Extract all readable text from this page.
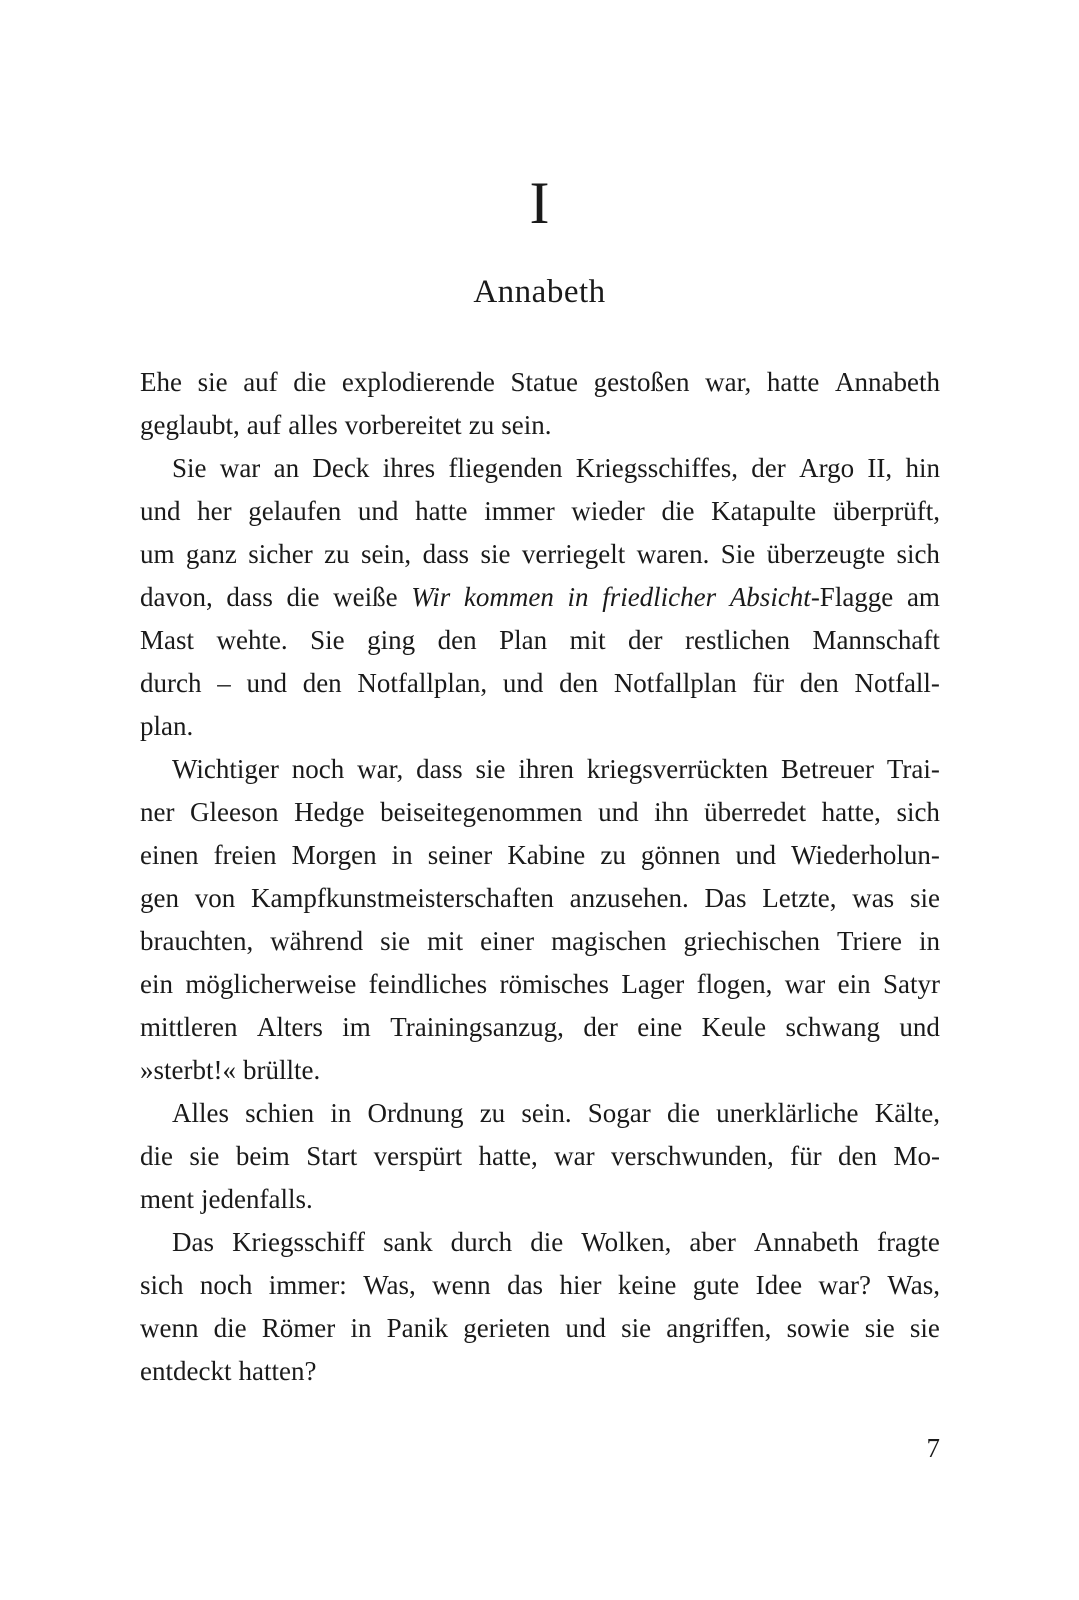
I
Annabeth
Ehe sie auf die explodierende Statue gestoßen war, hatte Annabeth
geglaubt, auf alles vorbereitet zu sein.
Sie war an Deck ihres fliegenden Kriegsschiffes, der Argo II, hin
und her gelaufen und hatte immer wieder die Katapulte überprüft,
um ganz sicher zu sein, dass sie verriegelt waren. Sie überzeugte sich
davon, dass die weiße Wir kommen in friedlicher Absicht-Flagge am
Mast wehte. Sie ging den Plan mit der restlichen Mannschaft
durch – und den Notfallplan, und den Notfallplan für den Notfall-
plan.
Wichtiger noch war, dass sie ihren kriegsverrückten Betreuer Trai-
ner Gleeson Hedge beiseitegenommen und ihn überredet hatte, sich
einen freien Morgen in seiner Kabine zu gönnen und Wiederholun-
gen von Kampfkunstmeisterschaften anzusehen. Das Letzte, was sie
brauchten, während sie mit einer magischen griechischen Triere in
ein möglicherweise feindliches römisches Lager flogen, war ein Satyr
mittleren Alters im Trainingsanzug, der eine Keule schwang und
»sterbt!« brüllte.
Alles schien in Ordnung zu sein. Sogar die unerklärliche Kälte,
die sie beim Start verspürt hatte, war verschwunden, für den Mo-
ment jedenfalls.
Das Kriegsschiff sank durch die Wolken, aber Annabeth fragte
sich noch immer: Was, wenn das hier keine gute Idee war? Was,
wenn die Römer in Panik gerieten und sie angriffen, sowie sie sie
entdeckt hatten?
7
